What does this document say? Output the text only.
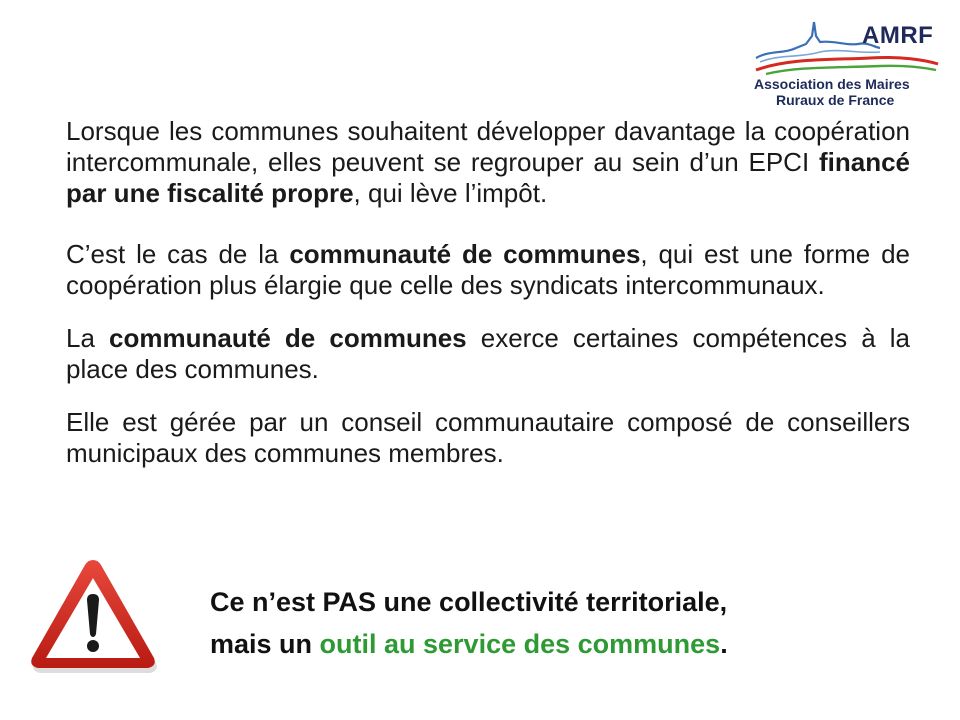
AMRF
Association des Maires
Ruraux de France

Lorsque les communes souhaitent développer davantage la coopération intercommunale, elles peuvent se regrouper au sein d’un EPCI financé par une fiscalité propre, qui lève l’impôt.

C’est le cas de la communauté de communes, qui est une forme de coopération plus élargie que celle des syndicats intercommunaux.

La communauté de communes exerce certaines compétences à la place des communes.

Elle est gérée par un conseil communautaire composé de conseillers municipaux des communes membres.

Ce n’est PAS une collectivité territoriale,
mais un outil au service des communes.
